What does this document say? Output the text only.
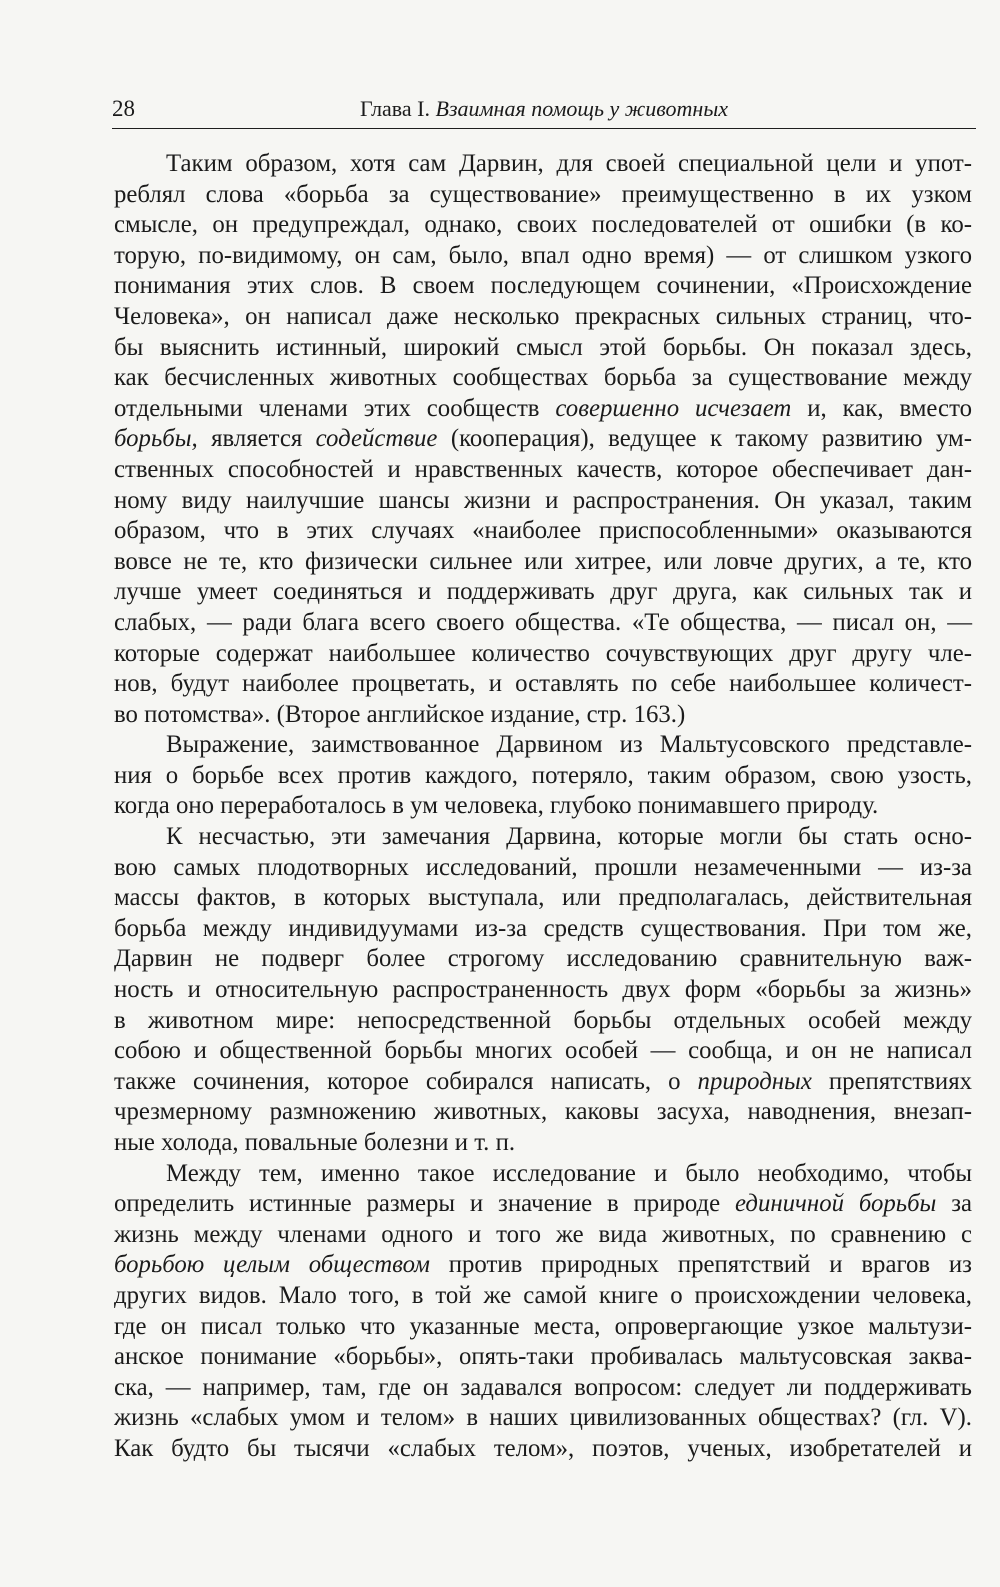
28	Глава I. Взаимная помощь у животных
Таким образом, хотя сам Дарвин, для своей специальной цели и упот-
реблял слова «борьба за существование» преимущественно в их узком
смысле, он предупреждал, однако, своих последователей от ошибки (в ко-
торую, по-видимому, он сам, было, впал одно время) — от слишком узкого
понимания этих слов. В своем последующем сочинении, «Происхождение
Человека», он написал даже несколько прекрасных сильных страниц, что-
бы выяснить истинный, широкий смысл этой борьбы. Он показал здесь,
как бесчисленных животных сообществах борьба за существование между
отдельными членами этих сообществ совершенно исчезает и, как, вместо
борьбы, является содействие (кооперация), ведущее к такому развитию ум-
ственных способностей и нравственных качеств, которое обеспечивает дан-
ному виду наилучшие шансы жизни и распространения. Он указал, таким
образом, что в этих случаях «наиболее приспособленными» оказываются
вовсе не те, кто физически сильнее или хитрее, или ловче других, а те, кто
лучше умеет соединяться и поддерживать друг друга, как сильных так и
слабых, — ради блага всего своего общества. «Те общества, — писал он, —
которые содержат наибольшее количество сочувствующих друг другу чле-
нов, будут наиболее процветать, и оставлять по себе наибольшее количест-
во потомства». (Второе английское издание, стр. 163.)
Выражение, заимствованное Дарвином из Мальтусовского представле-
ния о борьбе всех против каждого, потеряло, таким образом, свою узость,
когда оно переработалось в ум человека, глубоко понимавшего природу.
К несчастью, эти замечания Дарвина, которые могли бы стать осно-
вою самых плодотворных исследований, прошли незамеченными — из-за
массы фактов, в которых выступала, или предполагалась, действительная
борьба между индивидуумами из-за средств существования. При том же,
Дарвин не подверг более строгому исследованию сравнительную важ-
ность и относительную распространенность двух форм «борьбы за жизнь»
в животном мире: непосредственной борьбы отдельных особей между
собою и общественной борьбы многих особей — сообща, и он не написал
также сочинения, которое собирался написать, о природных препятствиях
чрезмерному размножению животных, каковы засуха, наводнения, внезап-
ные холода, повальные болезни и т. п.
Между тем, именно такое исследование и было необходимо, чтобы
определить истинные размеры и значение в природе единичной борьбы за
жизнь между членами одного и того же вида животных, по сравнению с
борьбою целым обществом против природных препятствий и врагов из
других видов. Мало того, в той же самой книге о происхождении человека,
где он писал только что указанные места, опровергающие узкое мальтузи-
анское понимание «борьбы», опять-таки пробивалась мальтусовская заква-
ска, — например, там, где он задавался вопросом: следует ли поддерживать
жизнь «слабых умом и телом» в наших цивилизованных обществах? (гл. V).
Как будто бы тысячи «слабых телом», поэтов, ученых, изобретателей и
